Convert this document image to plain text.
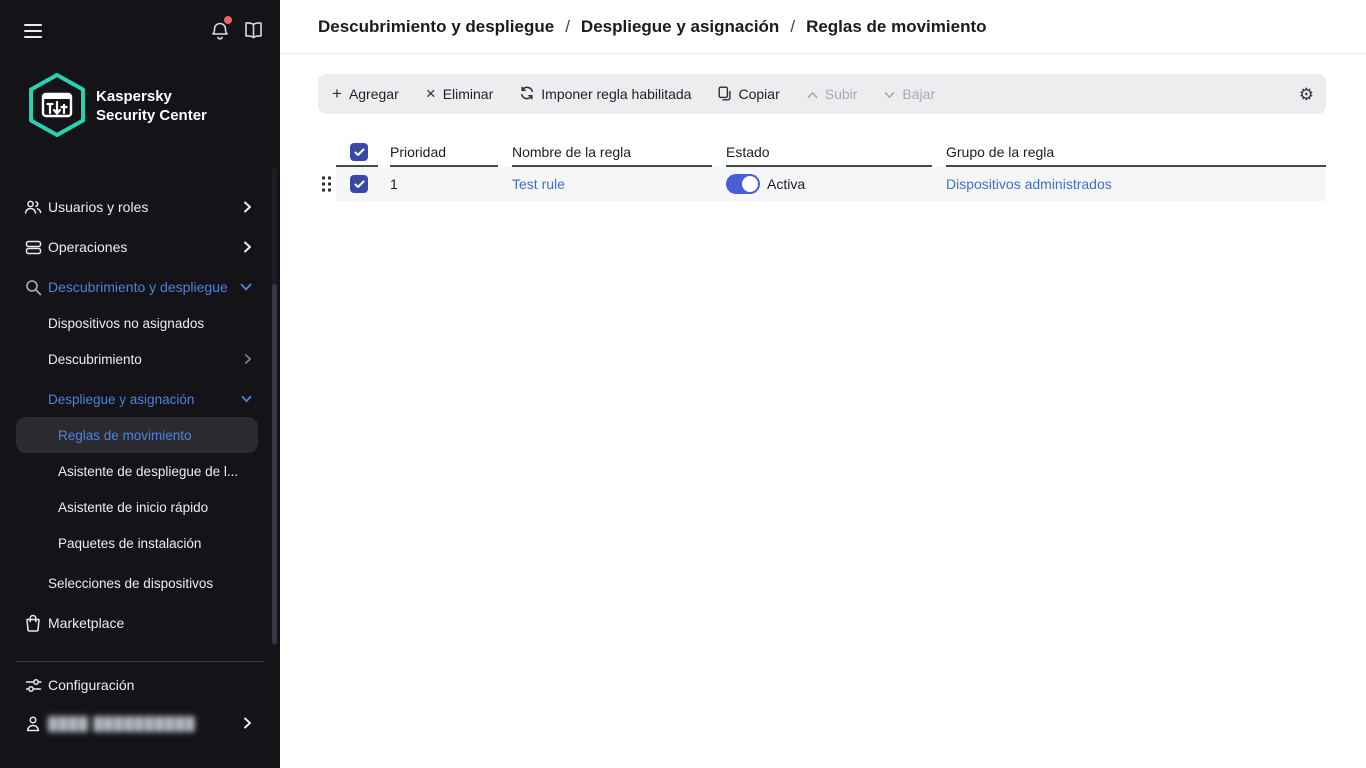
Kaspersky
Security Center
Usuarios y roles
Operaciones
Descubrimiento y despliegue
Dispositivos no asignados
Descubrimiento
Despliegue y asignación
Reglas de movimiento
Asistente de despliegue de l...
Asistente de inicio rápido
Paquetes de instalación
Selecciones de dispositivos
Marketplace
Configuración
████ ██████████
Descubrimiento y despliegue / Despliegue y asignación / Reglas de movimiento
+ Agregar × Eliminar	Imponer regla habilitada	Copiar	Subir	Bajar	⚙
Prioridad	Nombre de la regla	Estado	Grupo de la regla
1	Test rule	Activa	Dispositivos administrados
